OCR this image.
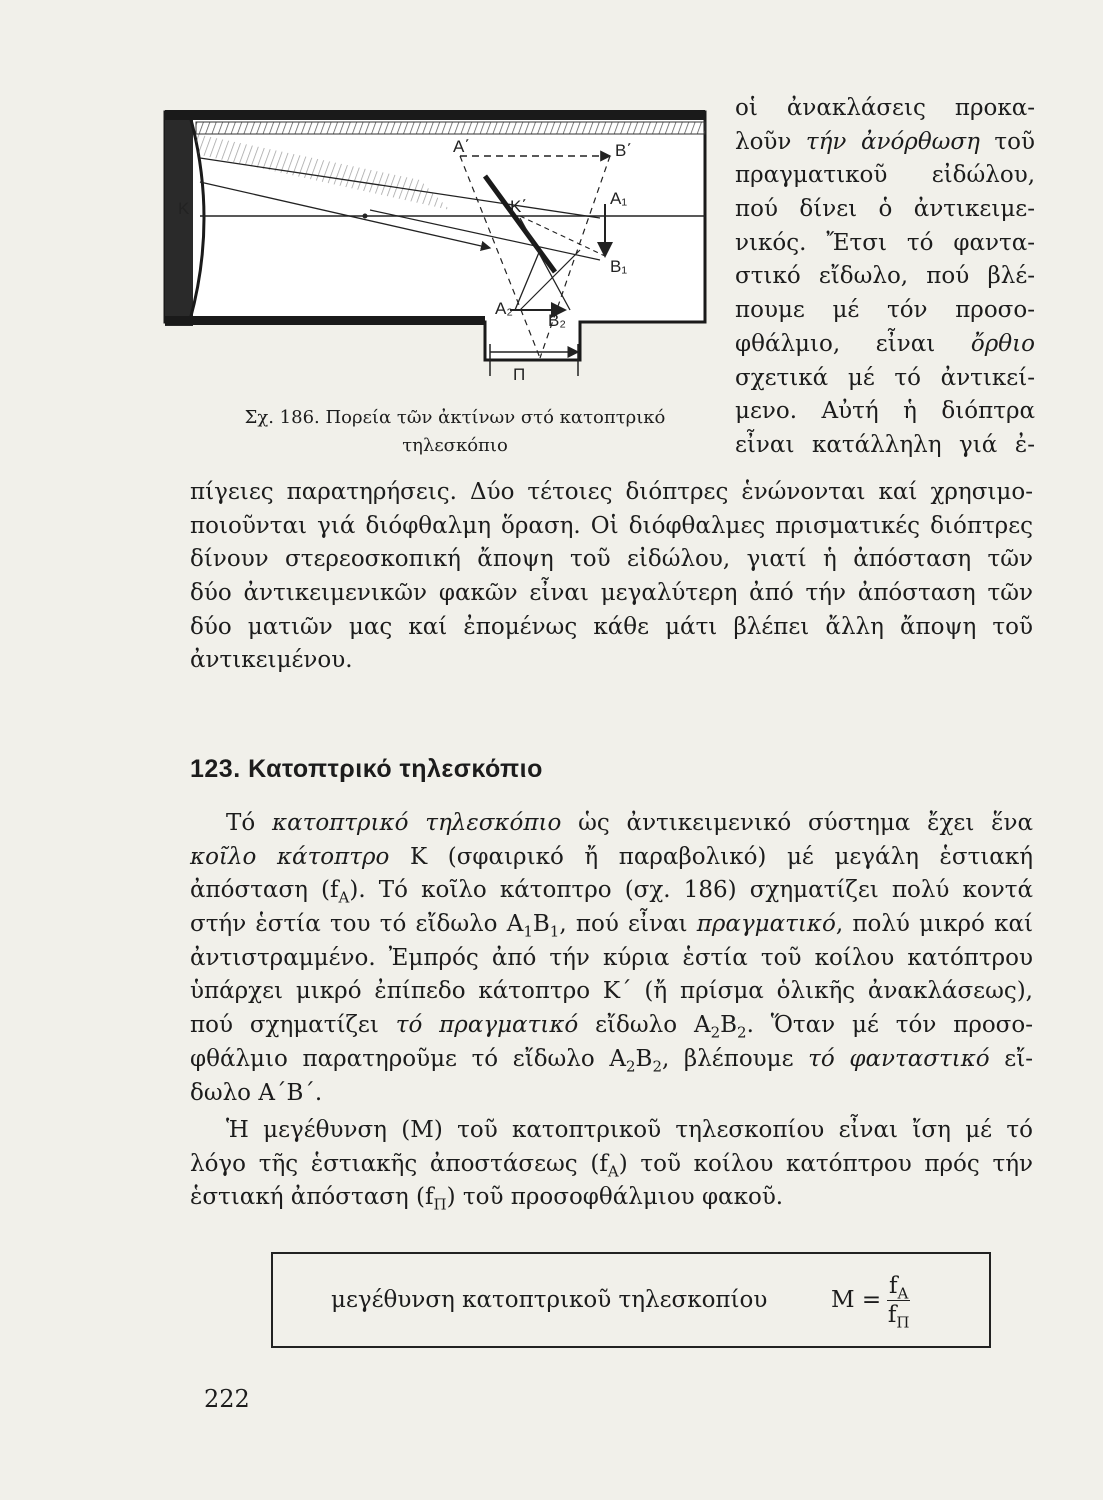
A΄	B΄
K	K΄	A₁
B₁
A₂
B₂
Π
Σχ. 186. Πορεία τῶν ἀκτίνων στό κατοπτρικό
τηλεσκόπιο
οἱ ἀνακλάσεις προκα-
λοῦν τήν ἀνόρθωση τοῦ
πραγματικοῦ εἰδώλου,
πού δίνει ὁ ἀντικειμε-
νικός. Ἔτσι τό φαντα-
στικό εἴδωλο, πού βλέ-
πουμε μέ τόν προσο-
φθάλμιο, εἶναι ὄρθιο
σχετικά μέ τό ἀντικεί-
μενο. Αὐτή ἡ διόπτρα
εἶναι κατάλληλη γιά ἐ-
πίγειες παρατηρήσεις. Δύο τέτοιες διόπτρες ἑνώνονται καί χρησιμο-
ποιοῦνται γιά διόφθαλμη ὅραση. Οἱ διόφθαλμες πρισματικές διόπτρες
δίνουν στερεοσκοπική ἄποψη τοῦ εἰδώλου, γιατί ἡ ἀπόσταση τῶν
δύο ἀντικειμενικῶν φακῶν εἶναι μεγαλύτερη ἀπό τήν ἀπόσταση τῶν
δύο ματιῶν μας καί ἐπομένως κάθε μάτι βλέπει ἄλλη ἄποψη τοῦ
ἀντικειμένου.
123. Κατοπτρικό τηλεσκόπιο
Τό κατοπτρικό τηλεσκόπιο ὡς ἀντικειμενικό σύστημα ἔχει ἕνα
κοῖλο κάτοπτρο Κ (σφαιρικό ἤ παραβολικό) μέ μεγάλη ἑστιακή
ἀπόσταση $(f_A)$. Τό κοῖλο κάτοπτρο (σχ. 186) σχηματίζει πολύ κοντά
στήν ἑστία του τό εἴδωλο $A_1B_1$, πού εἶναι πραγματικό, πολύ μικρό καί
ἀντιστραμμένο. Ἐμπρός ἀπό τήν κύρια ἑστία τοῦ κοίλου κατόπτρου
ὑπάρχει μικρό ἐπίπεδο κάτοπτρο Κ΄ (ἤ πρίσμα ὁλικῆς ἀνακλάσεως),
πού σχηματίζει τό πραγματικό εἴδωλο $A_2B_2$. Ὅταν μέ τόν προσο-
φθάλμιο παρατηροῦμε τό εἴδωλο $A_2B_2$, βλέπουμε τό φανταστικό εἴ-
δωλο A΄B΄.
Ἡ μεγέθυνση (M) τοῦ κατοπτρικοῦ τηλεσκοπίου εἶναι ἴση μέ τό
λόγο τῆς ἑστιακῆς ἀποστάσεως $(f_A)$ τοῦ κοίλου κατόπτρου πρός τήν
ἑστιακή ἀπόσταση $(f_\Pi)$ τοῦ προσοφθάλμιου φακοῦ.
μεγέθυνση κατοπτρικοῦ τηλεσκοπίου	$M = \frac{f_A}{f_\Pi}$
222
